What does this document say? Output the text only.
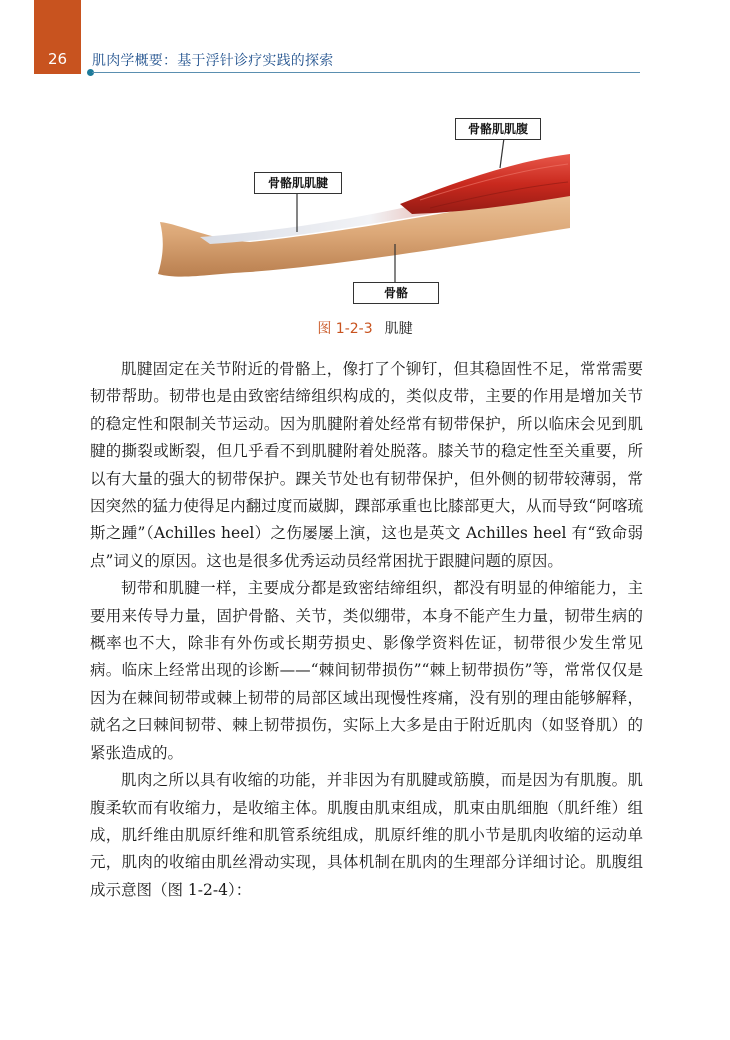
26	肌肉学概要：基于浮针诊疗实践的探索
骨骼肌肌腹
骨骼肌肌腱
骨骼
图 1-2-3 肌腱

肌腱固定在关节附近的骨骼上，像打了个铆钉，但其稳固性不足，常常需要韧带帮助。韧带也是由致密结缔组织构成的，类似皮带，主要的作用是增加关节的稳定性和限制关节运动。因为肌腱附着处经常有韧带保护，所以临床会见到肌腱的撕裂或断裂，但几乎看不到肌腱附着处脱落。膝关节的稳定性至关重要，所以有大量的强大的韧带保护。踝关节处也有韧带保护，但外侧的韧带较薄弱，常因突然的猛力使得足内翻过度而崴脚，踝部承重也比膝部更大，从而导致“阿喀琉斯之踵”（Achilles heel）之伤屡屡上演，这也是英文 Achilles heel 有“致命弱点”词义的原因。这也是很多优秀运动员经常困扰于跟腱问题的原因。

韧带和肌腱一样，主要成分都是致密结缔组织，都没有明显的伸缩能力，主要用来传导力量，固护骨骼、关节，类似绷带，本身不能产生力量，韧带生病的概率也不大，除非有外伤或长期劳损史、影像学资料佐证，韧带很少发生常见病。临床上经常出现的诊断——“棘间韧带损伤”“棘上韧带损伤”等，常常仅仅是因为在棘间韧带或棘上韧带的局部区域出现慢性疼痛，没有别的理由能够解释，就名之曰棘间韧带、棘上韧带损伤，实际上大多是由于附近肌肉（如竖脊肌）的紧张造成的。

肌肉之所以具有收缩的功能，并非因为有肌腱或筋膜，而是因为有肌腹。肌腹柔软而有收缩力，是收缩主体。肌腹由肌束组成，肌束由肌细胞（肌纤维）组成，肌纤维由肌原纤维和肌管系统组成，肌原纤维的肌小节是肌肉收缩的运动单元，肌肉的收缩由肌丝滑动实现，具体机制在肌肉的生理部分详细讨论。肌腹组成示意图（图 1-2-4）：
